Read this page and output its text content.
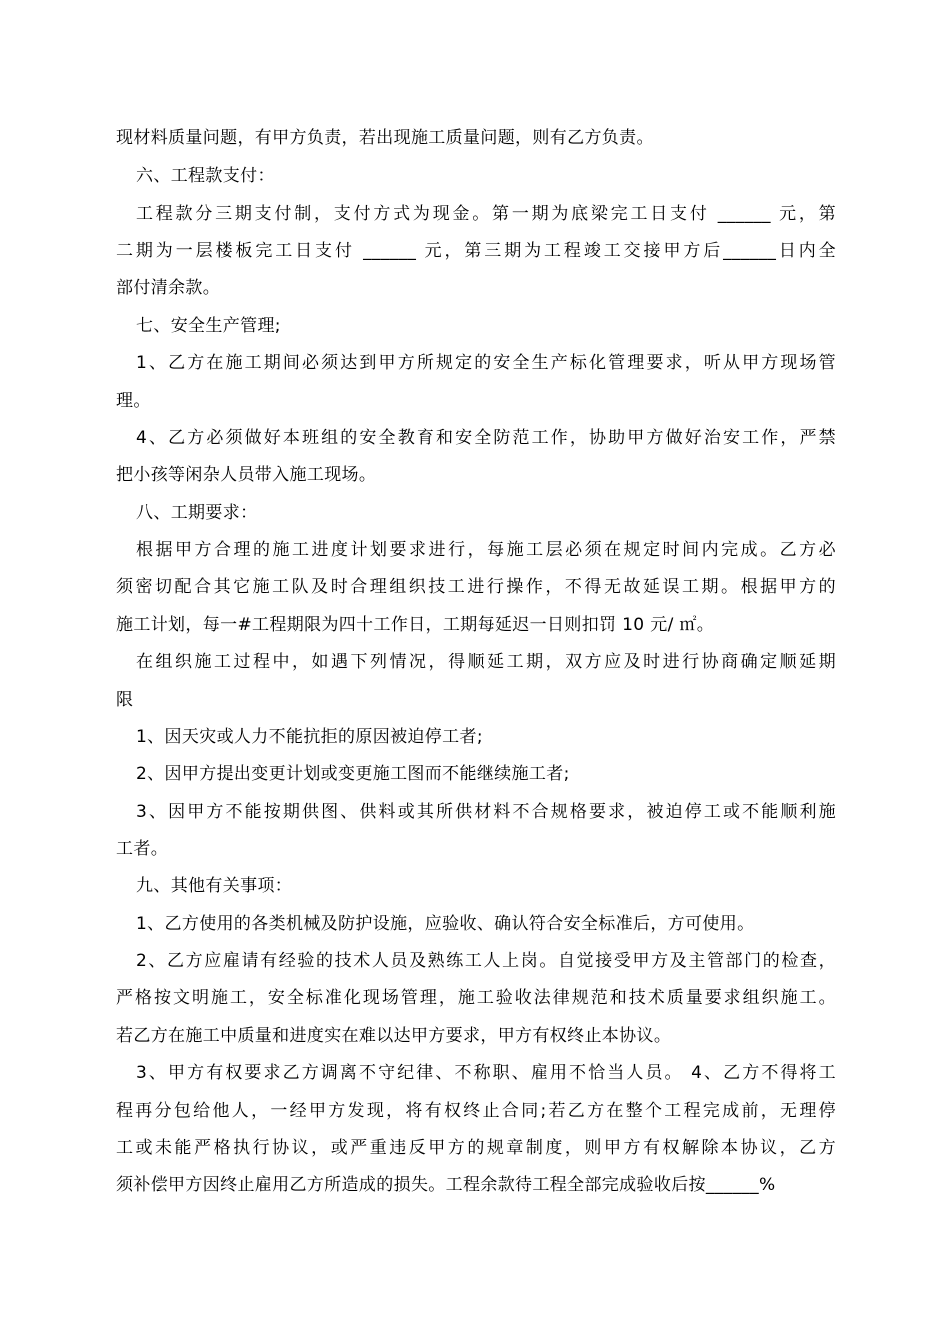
现材料质量问题，有甲方负责，若出现施工质量问题，则有乙方负责。
六、工程款支付：
工程款分三期支付制，支付方式为现金。第一期为底梁完工日支付 ______ 元，第
二期为一层楼板完工日支付 ______ 元，第三期为工程竣工交接甲方后______日内全
部付清余款。
七、安全生产管理;
1、乙方在施工期间必须达到甲方所规定的安全生产标化管理要求，听从甲方现场管
理。
4、乙方必须做好本班组的安全教育和安全防范工作，协助甲方做好治安工作，严禁
把小孩等闲杂人员带入施工现场。
八、工期要求：
根据甲方合理的施工进度计划要求进行，每施工层必须在规定时间内完成。乙方必
须密切配合其它施工队及时合理组织技工进行操作，不得无故延误工期。根据甲方的
施工计划，每一#工程期限为四十工作日，工期每延迟一日则扣罚 10 元/ ㎡。
在组织施工过程中，如遇下列情况，得顺延工期，双方应及时进行协商确定顺延期
限
1、因天灾或人力不能抗拒的原因被迫停工者;
2、因甲方提出变更计划或变更施工图而不能继续施工者;
3、因甲方不能按期供图、供料或其所供材料不合规格要求，被迫停工或不能顺利施
工者。
九、其他有关事项：
1、乙方使用的各类机械及防护设施，应验收、确认符合安全标准后，方可使用。
2、乙方应雇请有经验的技术人员及熟练工人上岗。自觉接受甲方及主管部门的检查，
严格按文明施工，安全标准化现场管理，施工验收法律规范和技术质量要求组织施工。
若乙方在施工中质量和进度实在难以达甲方要求，甲方有权终止本协议。
3、甲方有权要求乙方调离不守纪律、不称职、雇用不恰当人员。 4、乙方不得将工
程再分包给他人，一经甲方发现，将有权终止合同;若乙方在整个工程完成前，无理停
工或未能严格执行协议，或严重违反甲方的规章制度，则甲方有权解除本协议，乙方
须补偿甲方因终止雇用乙方所造成的损失。工程余款待工程全部完成验收后按______%
